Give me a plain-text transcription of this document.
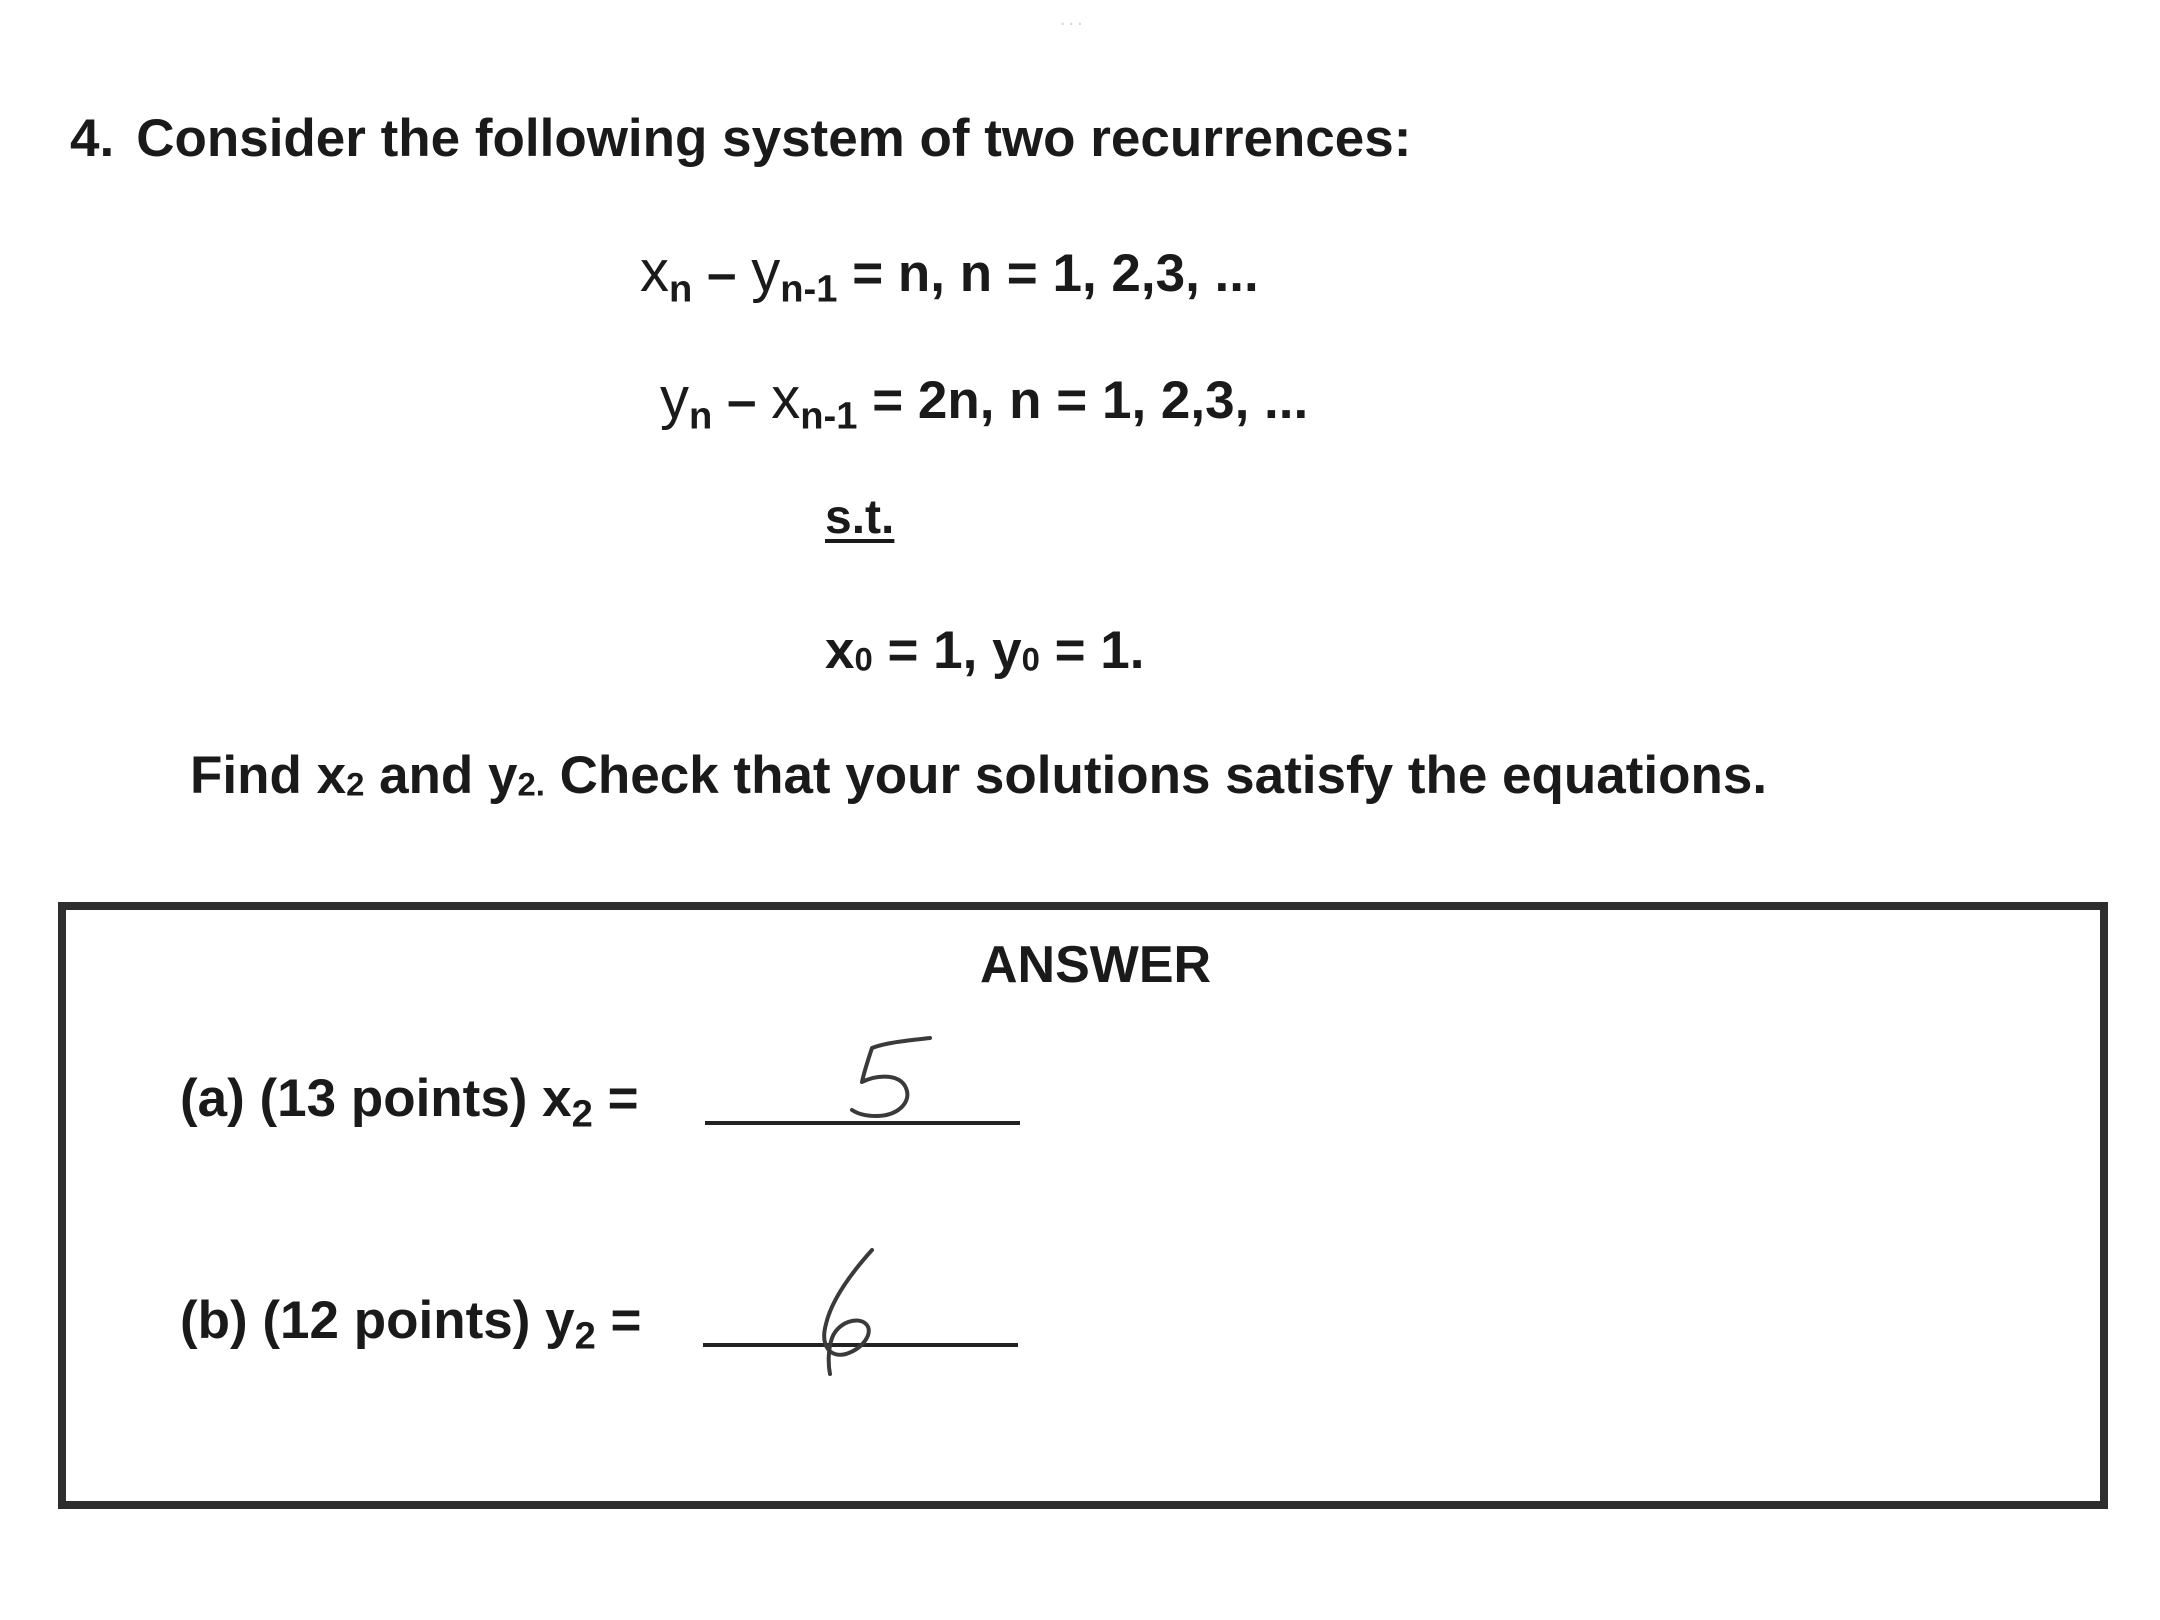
...
4. Consider the following system of two recurrences:
$x_n - y_{n-1} = n$, n = 1, 2,3, ...
$y_n - x_{n-1} = 2n$, n = 1, 2,3, ...
s.t.
$x_0 = 1$, $y_0 = 1$.
Find $x_2$ and $y_{2.}$ Check that your solutions satisfy the equations.
ANSWER
(a) (13 points) $x_2$ =
(b) (12 points) $y_2$ =
